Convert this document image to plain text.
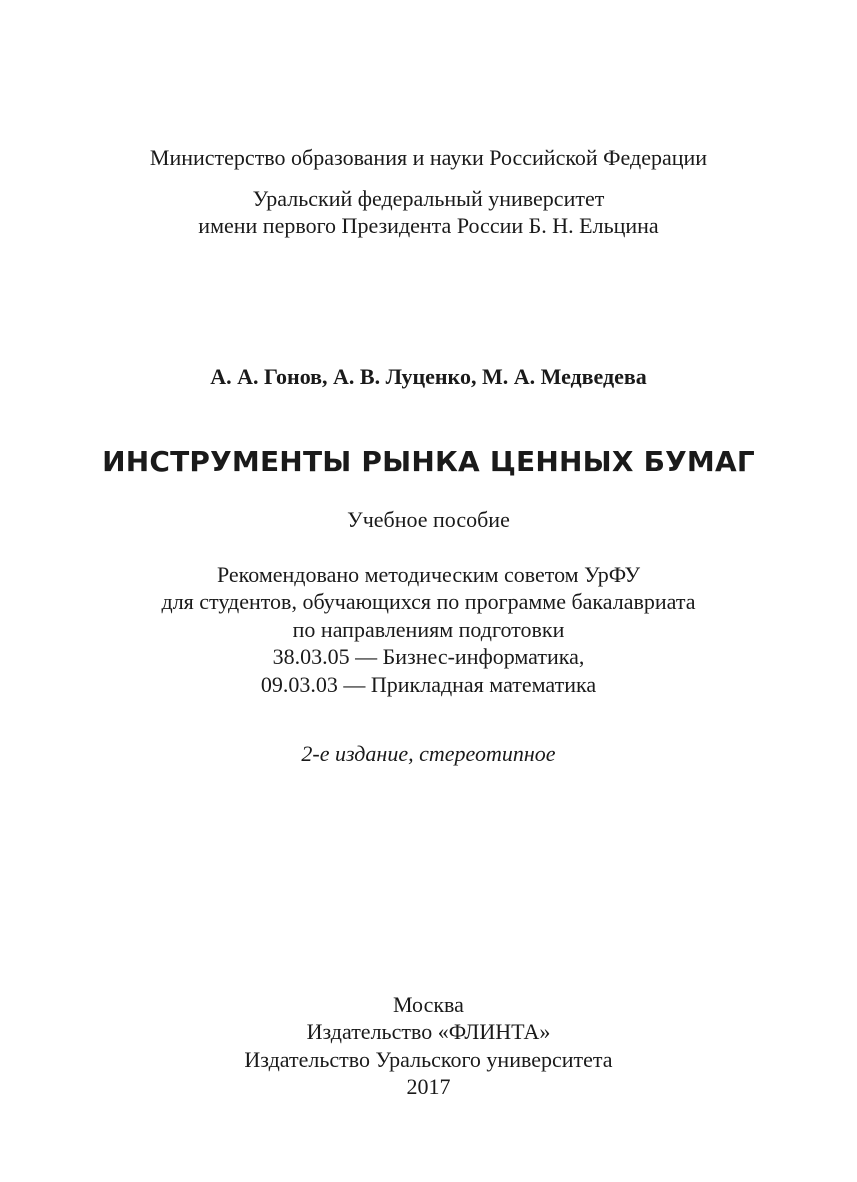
Министерство образования и науки Российской Федерации
Уральский федеральный университет
имени первого Президента России Б. Н. Ельцина
А. А. Гонов, А. В. Луценко, М. А. Медведева
ИНСТРУМЕНТЫ РЫНКА ЦЕННЫХ БУМАГ
Учебное пособие
Рекомендовано методическим советом УрФУ
для студентов, обучающихся по программе бакалавриата
по направлениям подготовки
38.03.05 — Бизнес-информатика,
09.03.03 — Прикладная математика
2-е издание, стереотипное
Москва
Издательство «ФЛИНТА»
Издательство Уральского университета
2017
